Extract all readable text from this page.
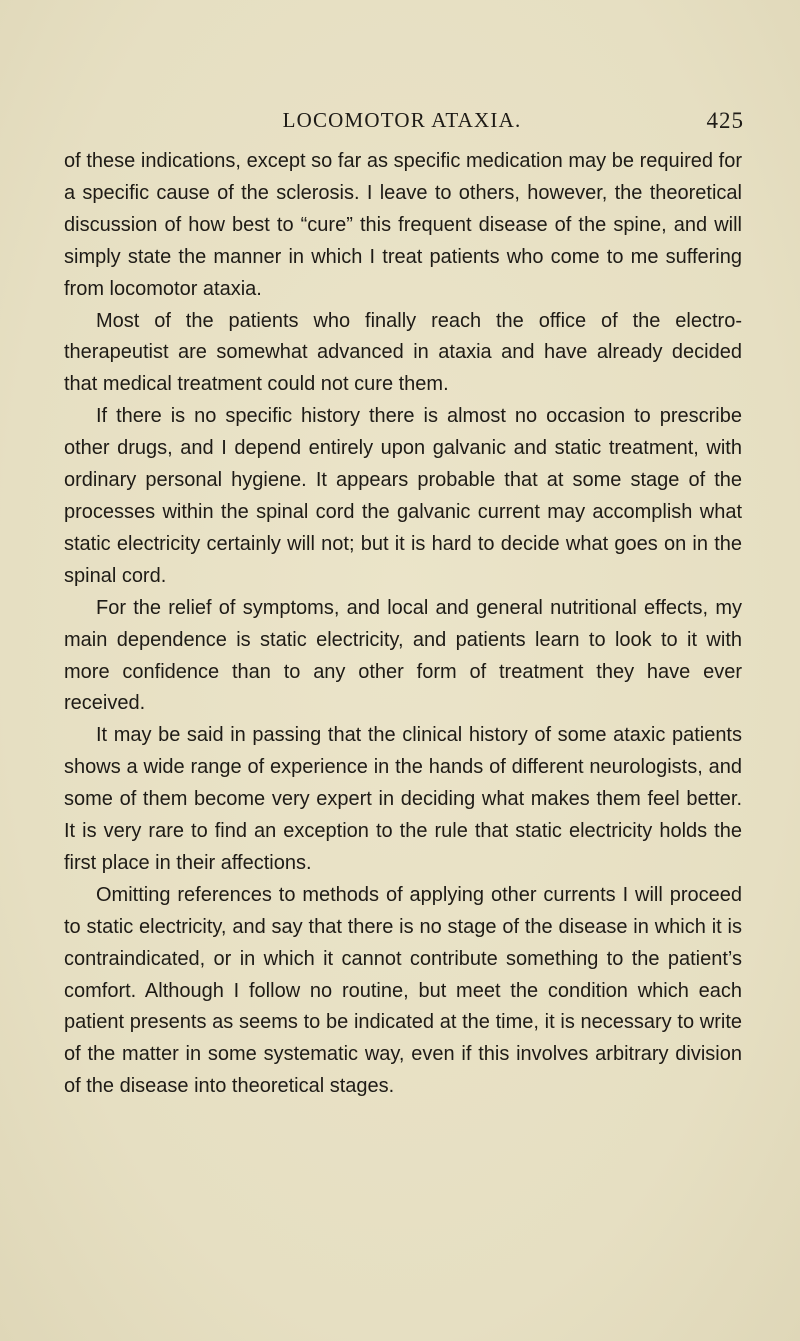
LOCOMOTOR ATAXIA.	425

of these indications, except so far as specific medication may be required for a specific cause of the sclerosis. I leave to others, however, the theoretical discussion of how best to “cure” this frequent disease of the spine, and will simply state the manner in which I treat patients who come to me suffering from locomotor ataxia.

Most of the patients who finally reach the office of the electro-therapeutist are somewhat advanced in ataxia and have already decided that medical treatment could not cure them.

If there is no specific history there is almost no occasion to prescribe other drugs, and I depend entirely upon galvanic and static treatment, with ordinary personal hygiene. It appears probable that at some stage of the processes within the spinal cord the galvanic current may accomplish what static electricity certainly will not; but it is hard to decide what goes on in the spinal cord.

For the relief of symptoms, and local and general nutritional effects, my main dependence is static electricity, and patients learn to look to it with more confidence than to any other form of treatment they have ever received.

It may be said in passing that the clinical history of some ataxic patients shows a wide range of experience in the hands of different neurologists, and some of them become very expert in deciding what makes them feel better. It is very rare to find an exception to the rule that static electricity holds the first place in their affections.

Omitting references to methods of applying other currents I will proceed to static electricity, and say that there is no stage of the disease in which it is contraindicated, or in which it cannot contribute something to the patient’s comfort. Although I follow no routine, but meet the condition which each patient presents as seems to be indicated at the time, it is necessary to write of the matter in some systematic way, even if this involves arbitrary division of the disease into theoretical stages.
